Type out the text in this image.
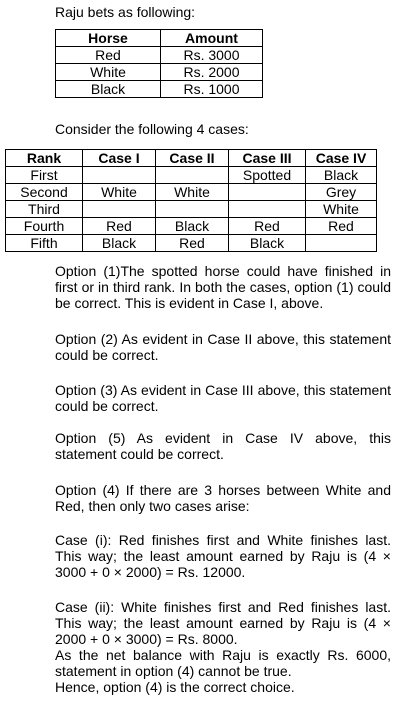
Raju bets as following:
Horse	Amount
Red	Rs. 3000
White	Rs. 2000
Black	Rs. 1000
Consider the following 4 cases:
Rank	Case I	Case II	Case III	Case IV
First			Spotted	Black
Second	White	White		Grey
Third				White
Fourth	Red	Black	Red	Red
Fifth	Black	Red	Black	

Option (1)The spotted horse could have finished in first or in third rank. In both the cases, option (1) could be correct. This is evident in Case I, above.

Option (2) As evident in Case II above, this statement could be correct.

Option (3) As evident in Case III above, this statement could be correct.

Option (5) As evident in Case IV above, this statement could be correct.

Option (4) If there are 3 horses between White and Red, then only two cases arise:

Case (i): Red finishes first and White finishes last. This way; the least amount earned by Raju is (4 × 3000 + 0 × 2000) = Rs. 12000.

Case (ii): White finishes first and Red finishes last. This way; the least amount earned by Raju is (4 × 2000 + 0 × 3000) = Rs. 8000.
As the net balance with Raju is exactly Rs. 6000, statement in option (4) cannot be true.
Hence, option (4) is the correct choice.
